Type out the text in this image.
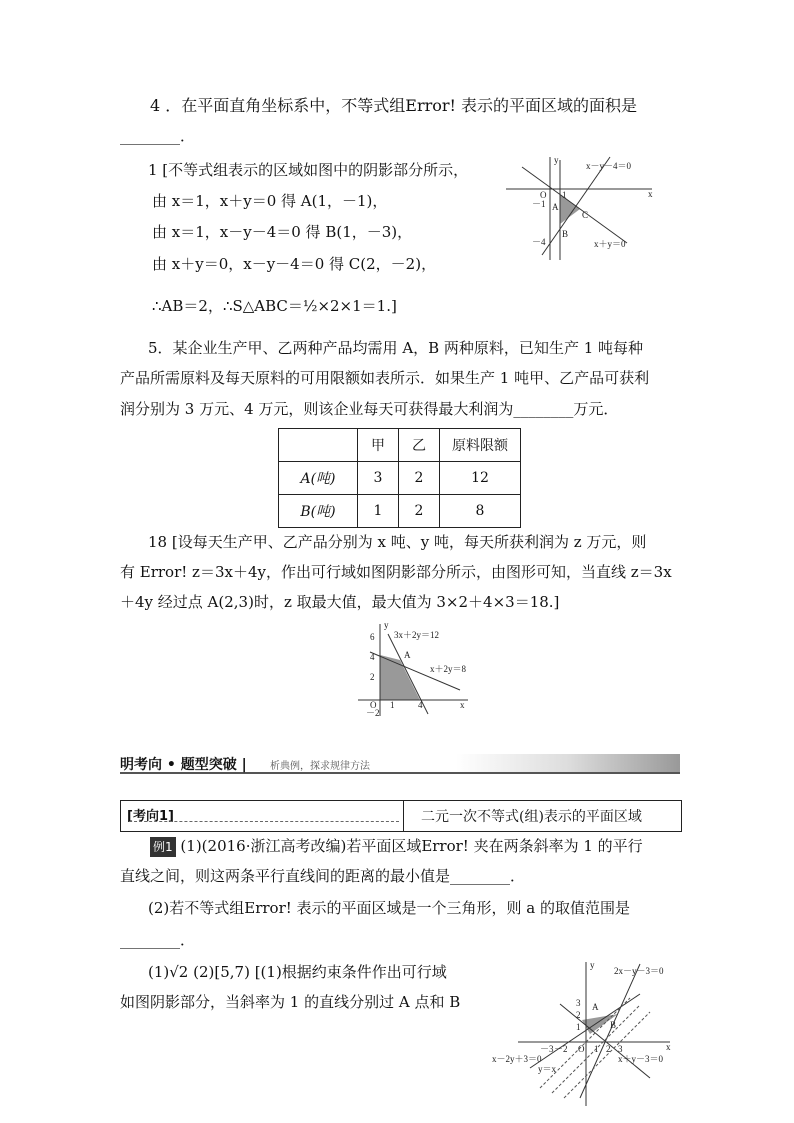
4 ．在平面直角坐标系中，不等式组Error! 表示的平面区域的面积是
________．
1 [不等式组表示的区域如图中的阴影部分所示，
由 x＝1，x＋y＝0 得 A(1，－1)，
由 x＝1，x－y－4＝0 得 B(1，－3)，
由 x＋y＝0，x－y－4＝0 得 C(2，－2)，
∴AB＝2，∴S△ABC＝½×2×1＝1.]
y
x－y－4＝0
O 1	x
－1 A
C
B
－4	x＋y＝0
5．某企业生产甲、乙两种产品均需用 A，B 两种原料，已知生产 1 吨每种
产品所需原料及每天原料的可用限额如表所示．如果生产 1 吨甲、乙产品可获利
润分别为 3 万元、4 万元，则该企业每天可获得最大利润为________万元．
	甲	乙	原料限额
A(吨)	3	2	12
B(吨)	1	2	8
18 [设每天生产甲、乙产品分别为 x 吨、y 吨，每天所获利润为 z 万元，则
有 Error! z＝3x＋4y，作出可行域如图阴影部分所示，由图形可知，当直线 z＝3x
＋4y 经过点 A(2,3)时，z 取最大值，最大值为 3×2＋4×3＝18.]
y
6 3x＋2y＝12
4	A
x＋2y＝8
2
O 1	4	x
－2
明考向 • 题型突破 | 析典例，探求规律方法
[考向1]	二元一次不等式(组)表示的平面区域
例1 (1)(2016·浙江高考改编)若平面区域Error! 夹在两条斜率为 1 的平行
直线之间，则这两条平行直线间的距离的最小值是________．
(2)若不等式组Error! 表示的平面区域是一个三角形，则 a 的取值范围是
________．
(1)√2 (2)[5,7) [(1)根据约束条件作出可行域
如图阴影部分，当斜率为 1 的直线分别过 A 点和 B
y
2x－y－3＝0
3
2
A
1	B
－3 －2 O 1 2 3	x
x－2y＋3＝0
y＝x
x＋y－3＝0
